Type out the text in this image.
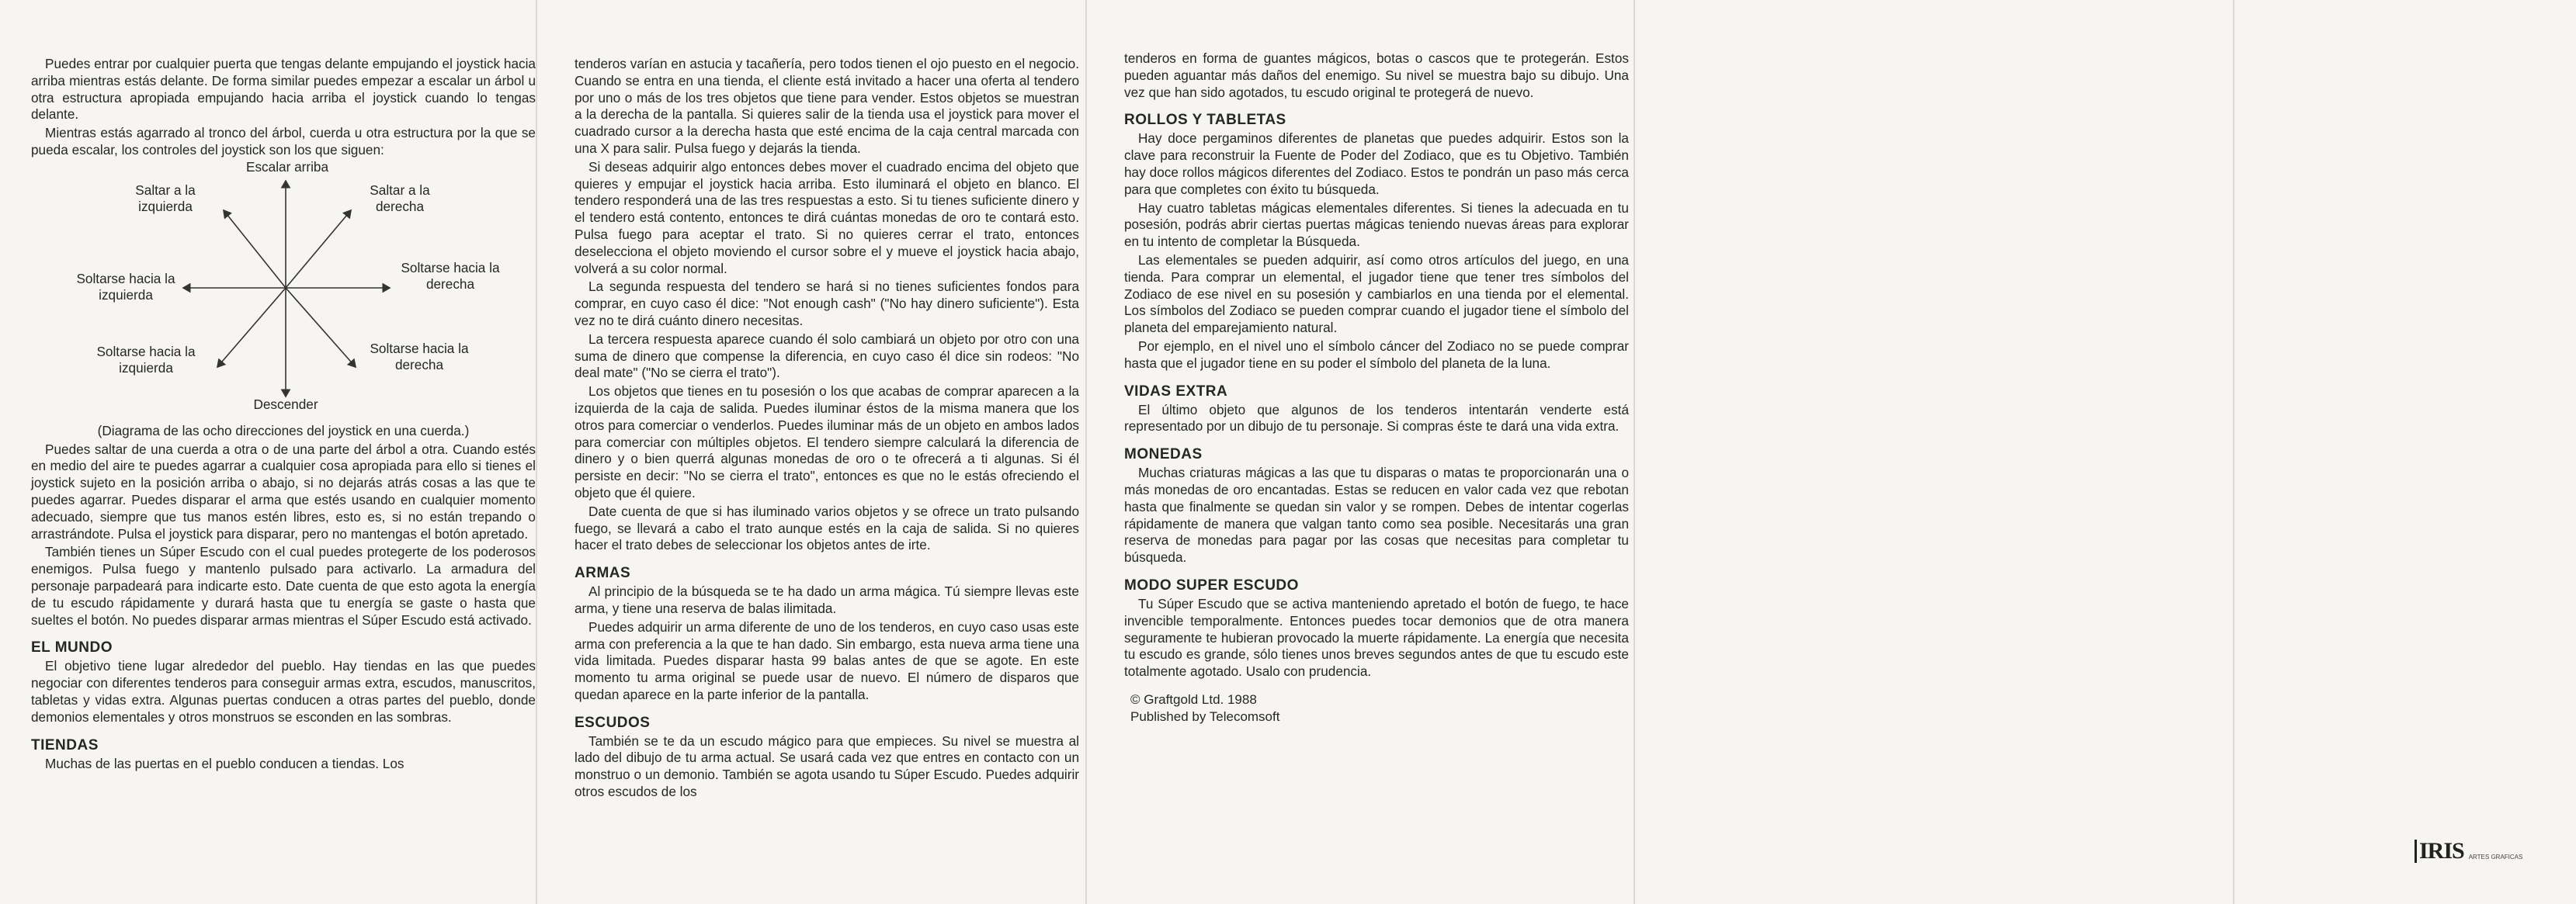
Puedes entrar por cualquier puerta que tengas delante empujando el joystick hacia arriba mientras estás delante. De forma similar puedes empezar a escalar un árbol u otra estructura apropiada empujando hacia arriba el joystick cuando lo tengas delante.

Mientras estás agarrado al tronco del árbol, cuerda u otra estructura por la que se pueda escalar, los controles del joystick son los que siguen:

Escalar arriba
Saltar a la izquierda
Saltar a la derecha
Soltarse hacia la izquierda
Soltarse hacia la derecha
Soltarse hacia la izquierda
Soltarse hacia la derecha
Descender

(Diagrama de las ocho direcciones del joystick en una cuerda.)

Puedes saltar de una cuerda a otra o de una parte del árbol a otra. Cuando estés en medio del aire te puedes agarrar a cualquier cosa apropiada para ello si tienes el joystick sujeto en la posición arriba o abajo, si no dejarás atrás cosas a las que te puedes agarrar. Puedes disparar el arma que estés usando en cualquier momento adecuado, siempre que tus manos estén libres, esto es, si no están trepando o arrastrándote. Pulsa el joystick para disparar, pero no mantengas el botón apretado.

También tienes un Súper Escudo con el cual puedes protegerte de los poderosos enemigos. Pulsa fuego y mantenlo pulsado para activarlo. La armadura del personaje parpadeará para indicarte esto. Date cuenta de que esto agota la energía de tu escudo rápidamente y durará hasta que tu energía se gaste o hasta que sueltes el botón. No puedes disparar armas mientras el Súper Escudo está activado.

EL MUNDO

El objetivo tiene lugar alrededor del pueblo. Hay tiendas en las que puedes negociar con diferentes tenderos para conseguir armas extra, escudos, manuscritos, tabletas y vidas extra. Algunas puertas conducen a otras partes del pueblo, donde demonios elementales y otros monstruos se esconden en las sombras.

TIENDAS

Muchas de las puertas en el pueblo conducen a tiendas. Los

tenderos varían en astucia y tacañería, pero todos tienen el ojo puesto en el negocio. Cuando se entra en una tienda, el cliente está invitado a hacer una oferta al tendero por uno o más de los tres objetos que tiene para vender. Estos objetos se muestran a la derecha de la pantalla. Si quieres salir de la tienda usa el joystick para mover el cuadrado cursor a la derecha hasta que esté encima de la caja central marcada con una X para salir. Pulsa fuego y dejarás la tienda.

Si deseas adquirir algo entonces debes mover el cuadrado encima del objeto que quieres y empujar el joystick hacia arriba. Esto iluminará el objeto en blanco. El tendero responderá una de las tres respuestas a esto. Si tu tienes suficiente dinero y el tendero está contento, entonces te dirá cuántas monedas de oro te contará esto. Pulsa fuego para aceptar el trato. Si no quieres cerrar el trato, entonces deselecciona el objeto moviendo el cursor sobre el y mueve el joystick hacia abajo, volverá a su color normal.

La segunda respuesta del tendero se hará si no tienes suficientes fondos para comprar, en cuyo caso él dice: "Not enough cash" ("No hay dinero suficiente"). Esta vez no te dirá cuánto dinero necesitas.

La tercera respuesta aparece cuando él solo cambiará un objeto por otro con una suma de dinero que compense la diferencia, en cuyo caso él dice sin rodeos: "No deal mate" ("No se cierra el trato").

Los objetos que tienes en tu posesión o los que acabas de comprar aparecen a la izquierda de la caja de salida. Puedes iluminar éstos de la misma manera que los otros para comerciar o venderlos. Puedes iluminar más de un objeto en ambos lados para comerciar con múltiples objetos. El tendero siempre calculará la diferencia de dinero y o bien querrá algunas monedas de oro o te ofrecerá a ti algunas. Si él persiste en decir: "No se cierra el trato", entonces es que no le estás ofreciendo el objeto que él quiere.

Date cuenta de que si has iluminado varios objetos y se ofrece un trato pulsando fuego, se llevará a cabo el trato aunque estés en la caja de salida. Si no quieres hacer el trato debes de seleccionar los objetos antes de irte.

ARMAS

Al principio de la búsqueda se te ha dado un arma mágica. Tú siempre llevas este arma, y tiene una reserva de balas ilimitada.

Puedes adquirir un arma diferente de uno de los tenderos, en cuyo caso usas este arma con preferencia a la que te han dado. Sin embargo, esta nueva arma tiene una vida limitada. Puedes disparar hasta 99 balas antes de que se agote. En este momento tu arma original se puede usar de nuevo. El número de disparos que quedan aparece en la parte inferior de la pantalla.

ESCUDOS

También se te da un escudo mágico para que empieces. Su nivel se muestra al lado del dibujo de tu arma actual. Se usará cada vez que entres en contacto con un monstruo o un demonio. También se agota usando tu Súper Escudo. Puedes adquirir otros escudos de los

tenderos en forma de guantes mágicos, botas o cascos que te protegerán. Estos pueden aguantar más daños del enemigo. Su nivel se muestra bajo su dibujo. Una vez que han sido agotados, tu escudo original te protegerá de nuevo.

ROLLOS Y TABLETAS

Hay doce pergaminos diferentes de planetas que puedes adquirir. Estos son la clave para reconstruir la Fuente de Poder del Zodiaco, que es tu Objetivo. También hay doce rollos mágicos diferentes del Zodiaco. Estos te pondrán un paso más cerca para que completes con éxito tu búsqueda.

Hay cuatro tabletas mágicas elementales diferentes. Si tienes la adecuada en tu posesión, podrás abrir ciertas puertas mágicas teniendo nuevas áreas para explorar en tu intento de completar la Búsqueda.

Las elementales se pueden adquirir, así como otros artículos del juego, en una tienda. Para comprar un elemental, el jugador tiene que tener tres símbolos del Zodiaco de ese nivel en su posesión y cambiarlos en una tienda por el elemental. Los símbolos del Zodiaco se pueden comprar cuando el jugador tiene el símbolo del planeta del emparejamiento natural.

Por ejemplo, en el nivel uno el símbolo cáncer del Zodiaco no se puede comprar hasta que el jugador tiene en su poder el símbolo del planeta de la luna.

VIDAS EXTRA

El último objeto que algunos de los tenderos intentarán venderte está representado por un dibujo de tu personaje. Si compras éste te dará una vida extra.

MONEDAS

Muchas criaturas mágicas a las que tu disparas o matas te proporcionarán una o más monedas de oro encantadas. Estas se reducen en valor cada vez que rebotan hasta que finalmente se quedan sin valor y se rompen. Debes de intentar cogerlas rápidamente de manera que valgan tanto como sea posible. Necesitarás una gran reserva de monedas para pagar por las cosas que necesitas para completar tu búsqueda.

MODO SUPER ESCUDO

Tu Súper Escudo que se activa manteniendo apretado el botón de fuego, te hace invencible temporalmente. Entonces puedes tocar demonios que de otra manera seguramente te hubieran provocado la muerte rápidamente. La energía que necesita tu escudo es grande, sólo tienes unos breves segundos antes de que tu escudo este totalmente agotado. Usalo con prudencia.

© Graftgold Ltd. 1988
Published by Telecomsoft
IRIS ARTES GRAFICAS
